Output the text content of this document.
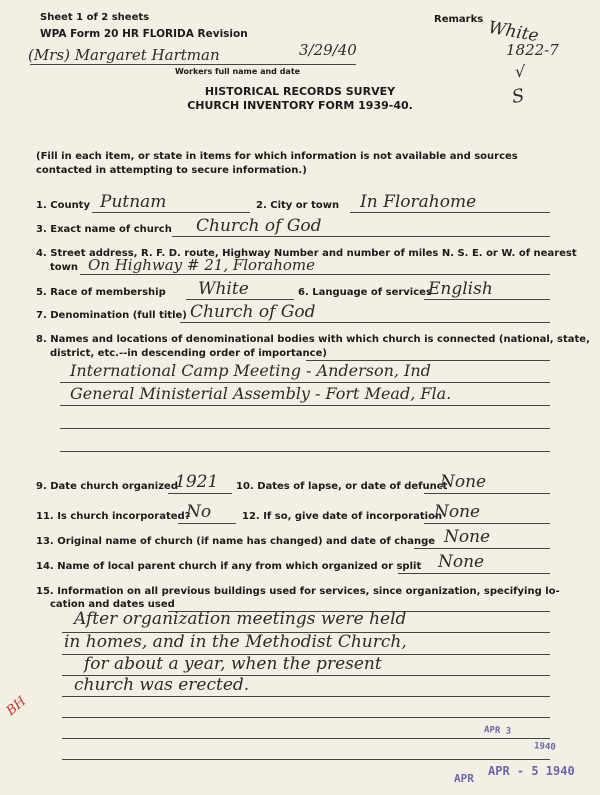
Sheet 1 of 2 sheets
WPA Form 20 HR FLORIDA Revision
Remarks White
1822-7
√
S
(Mrs) Margaret Hartman	3/29/40
Workers full name and date
HISTORICAL RECORDS SURVEY
CHURCH INVENTORY FORM 1939-40.
(Fill in each item, or state in items for which information is not available and sources contacted in attempting to secure information.)
1. County Putnam	2. City or town In Florahome
3. Exact name of church Church of God
4. Street address, R. F. D. route, Highway Number and number of miles N. S. E. or W. of nearest
town On Highway # 21, Florahome
5. Race of membership White	6. Language of services
English
7. Denomination (full title) Church of God
8. Names and locations of denominational bodies with which church is connected (national, state,
district, etc.--in descending order of importance)
International Camp Meeting - Anderson, Ind
General Ministerial Assembly - Fort Mead, Fla.
9. Date church organized
1921 10. Dates of lapse, or date of defunct
None
11. Is church incorporated?
No	12. If so, give date of incorporation
None
13. Original name of church (if name has changed) and date of change None
14. Name of local parent church if any from which organized or split None
15. Information on all previous buildings used for services, since organization, specifying lo-
cation and dates used
After organization meetings were held
in homes, and in the Methodist Church,
for about a year, when the present
church was erected.
BH
APR 3
1940
APR
APR - 5 1940
